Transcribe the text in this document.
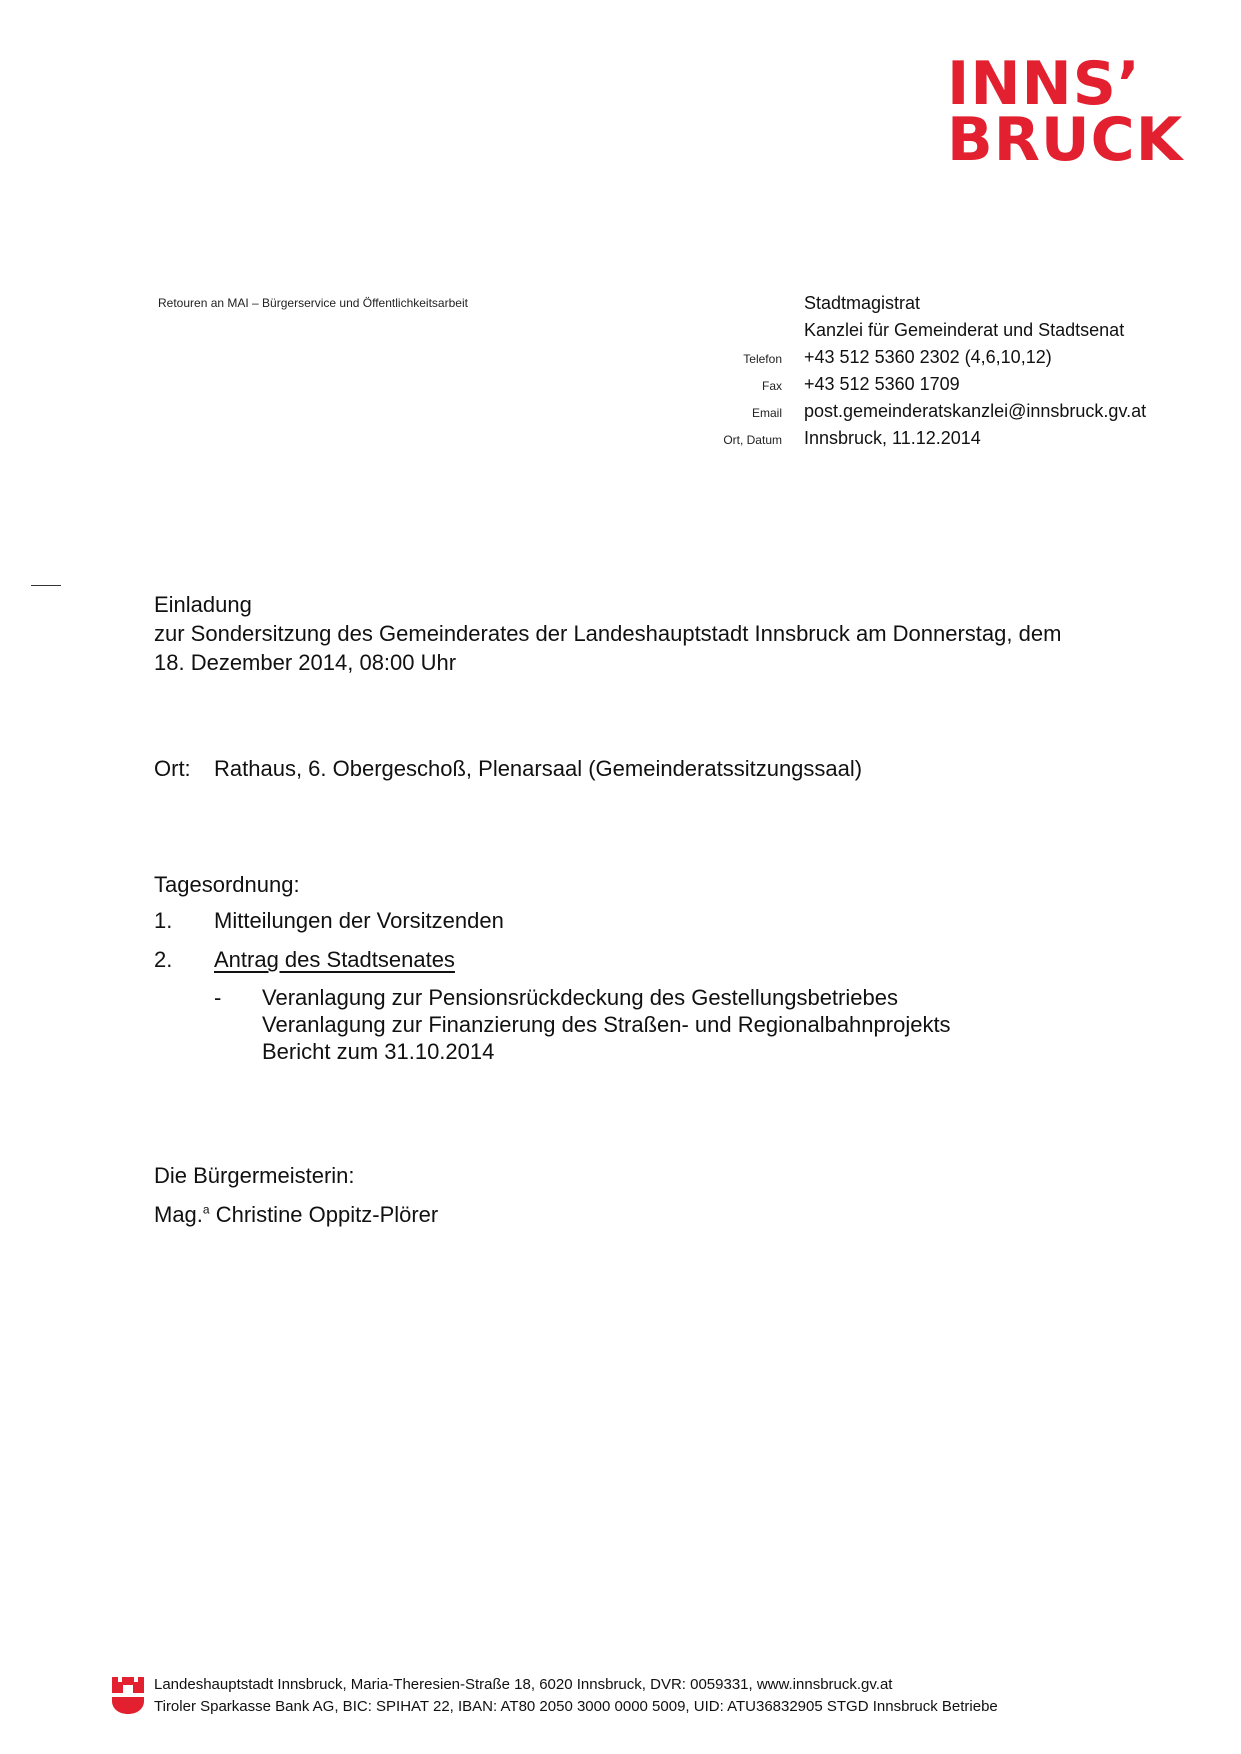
INNS’
BRUCK
Retouren an MAI – Bürgerservice und Öffentlichkeitsarbeit	Stadtmagistrat
Kanzlei für Gemeinderat und Stadtsenat
Telefon	+43 512 5360 2302 (4,6,10,12)
Fax	+43 512 5360 1709
Email	post.gemeinderatskanzlei@innsbruck.gv.at
Ort, Datum	Innsbruck, 11.12.2014
Einladung
zur Sondersitzung des Gemeinderates der Landeshauptstadt Innsbruck am Donnerstag, dem
18. Dezember 2014, 08:00 Uhr
Ort: Rathaus, 6. Obergeschoß, Plenarsaal (Gemeinderatssitzungssaal)
Tagesordnung:
1.	Mitteilungen der Vorsitzenden
2.	Antrag des Stadtsenates
-	Veranlagung zur Pensionsrückdeckung des Gestellungsbetriebes
Veranlagung zur Finanzierung des Straßen- und Regionalbahnprojekts
Bericht zum 31.10.2014
Die Bürgermeisterin:
Mag.$^a$ Christine Oppitz-Plörer
Landeshauptstadt Innsbruck, Maria-Theresien-Straße 18, 6020 Innsbruck, DVR: 0059331, www.innsbruck.gv.at
Tiroler Sparkasse Bank AG, BIC: SPIHAT 22, IBAN: AT80 2050 3000 0000 5009, UID: ATU36832905 STGD Innsbruck Betriebe
